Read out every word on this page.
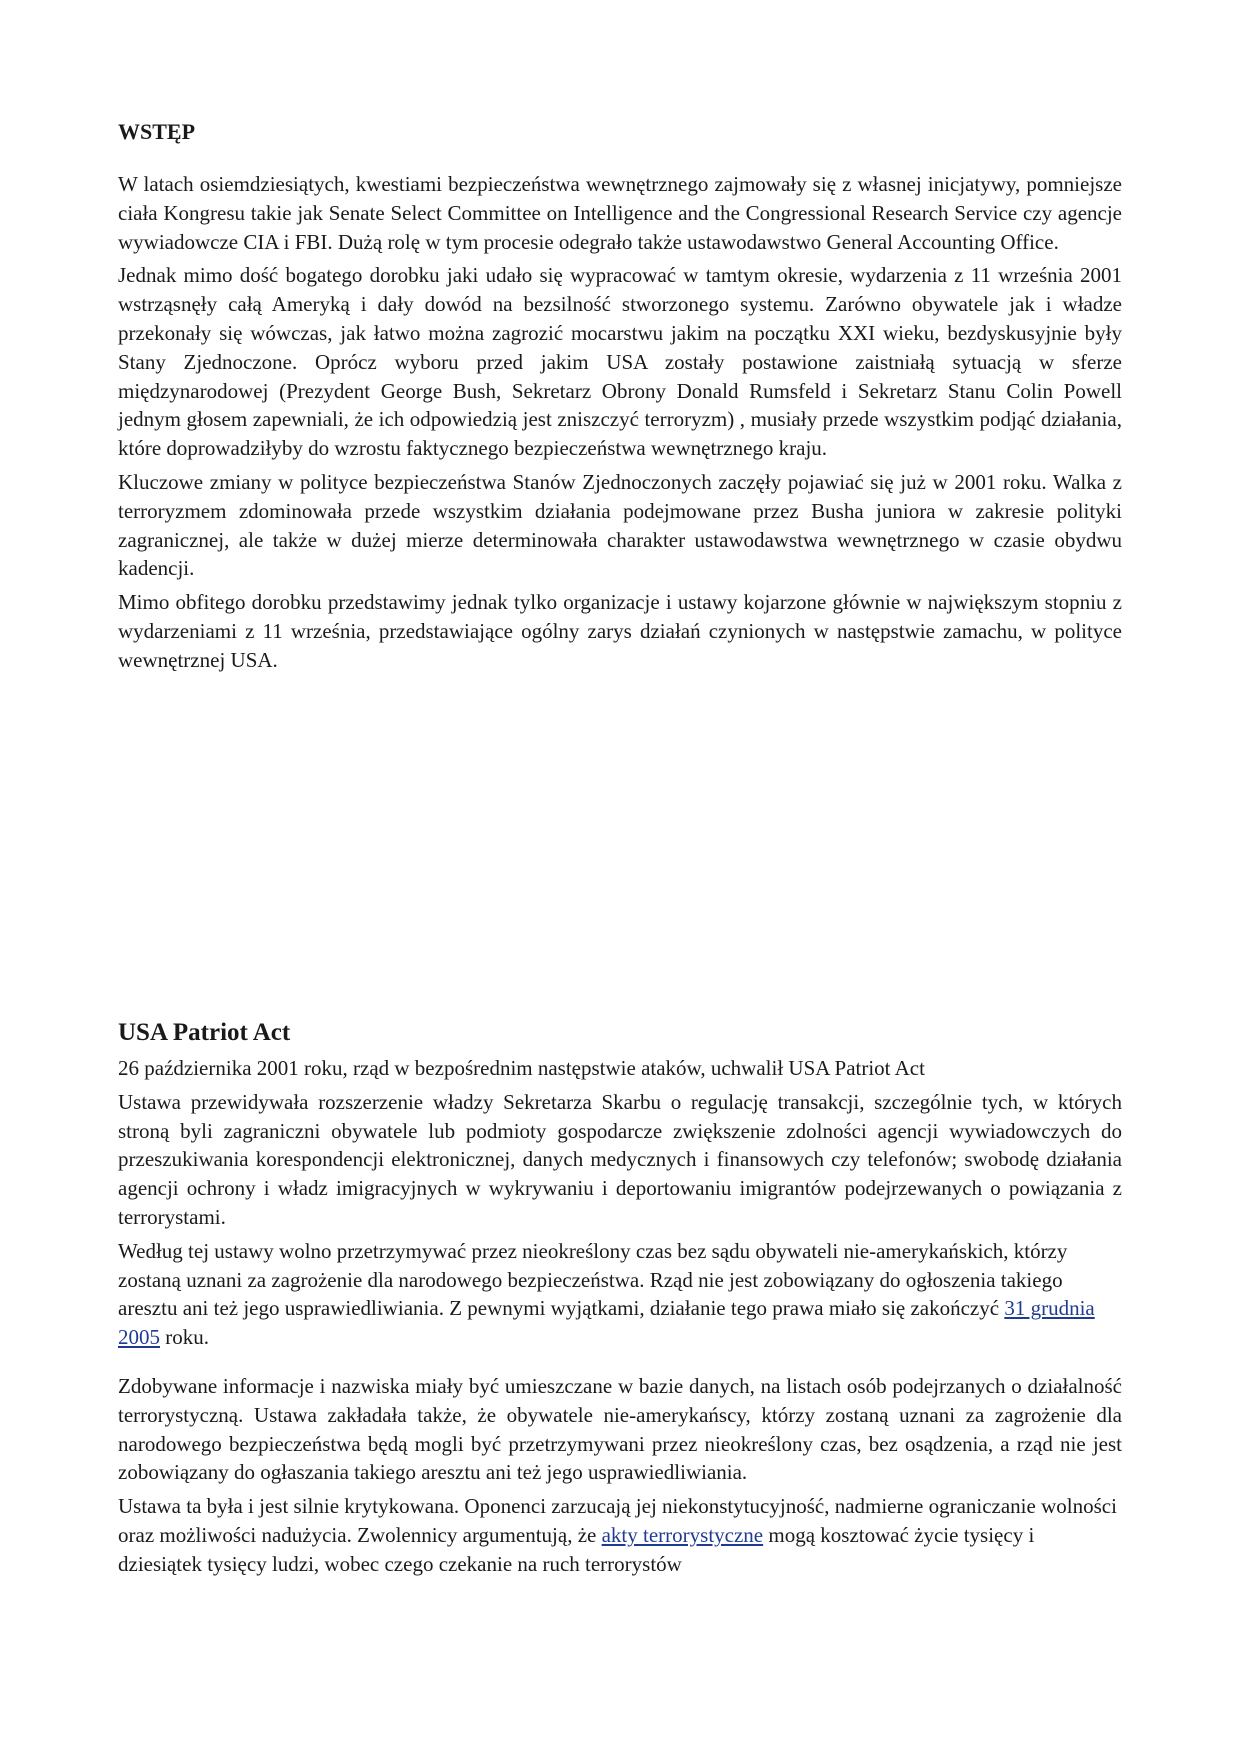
WSTĘP

W latach osiemdziesiątych, kwestiami bezpieczeństwa wewnętrznego zajmowały się z własnej inicjatywy, pomniejsze ciała Kongresu takie jak Senate Select Committee on Intelligence and the Congressional Research Service czy agencje wywiadowcze CIA i FBI. Dużą rolę w tym procesie odegrało także ustawodawstwo General Accounting Office.

Jednak mimo dość bogatego dorobku jaki udało się wypracować w tamtym okresie, wydarzenia z 11 września 2001 wstrząsnęły całą Ameryką i dały dowód na bezsilność stworzonego systemu. Zarówno obywatele jak i władze przekonały się wówczas, jak łatwo można zagrozić mocarstwu jakim na początku XXI wieku, bezdyskusyjnie były Stany Zjednoczone. Oprócz wyboru przed jakim USA zostały postawione zaistniałą sytuacją w sferze międzynarodowej (Prezydent George Bush, Sekretarz Obrony Donald Rumsfeld i Sekretarz Stanu Colin Powell jednym głosem zapewniali, że ich odpowiedzią jest zniszczyć terroryzm) , musiały przede wszystkim podjąć działania, które doprowadziłyby do wzrostu faktycznego bezpieczeństwa wewnętrznego kraju.

Kluczowe zmiany w polityce bezpieczeństwa Stanów Zjednoczonych zaczęły pojawiać się już w 2001 roku. Walka z terroryzmem zdominowała przede wszystkim działania podejmowane przez Busha juniora w zakresie polityki zagranicznej, ale także w dużej mierze determinowała charakter ustawodawstwa wewnętrznego w czasie obydwu kadencji.

Mimo obfitego dorobku przedstawimy jednak tylko organizacje i ustawy kojarzone głównie w największym stopniu z wydarzeniami z 11 września, przedstawiające ogólny zarys działań czynionych w następstwie zamachu, w polityce wewnętrznej USA.

USA Patriot Act

26 października 2001 roku, rząd w bezpośrednim następstwie ataków, uchwalił USA Patriot Act

Ustawa przewidywała rozszerzenie władzy Sekretarza Skarbu o regulację transakcji, szczególnie tych, w których stroną byli zagraniczni obywatele lub podmioty gospodarcze zwiększenie zdolności agencji wywiadowczych do przeszukiwania korespondencji elektronicznej, danych medycznych i finansowych czy telefonów; swobodę działania agencji ochrony i władz imigracyjnych w wykrywaniu i deportowaniu imigrantów podejrzewanych o powiązania z terrorystami.

Według tej ustawy wolno przetrzymywać przez nieokreślony czas bez sądu obywateli nie-amerykańskich, którzy zostaną uznani za zagrożenie dla narodowego bezpieczeństwa. Rząd nie jest zobowiązany do ogłoszenia takiego aresztu ani też jego usprawiedliwiania. Z pewnymi wyjątkami, działanie tego prawa miało się zakończyć 31 grudnia 2005 roku.

Zdobywane informacje i nazwiska miały być umieszczane w bazie danych, na listach osób podejrzanych o działalność terrorystyczną. Ustawa zakładała także, że obywatele nie-amerykańscy, którzy zostaną uznani za zagrożenie dla narodowego bezpieczeństwa będą mogli być przetrzymywani przez nieokreślony czas, bez osądzenia, a rząd nie jest zobowiązany do ogłaszania takiego aresztu ani też jego usprawiedliwiania.

Ustawa ta była i jest silnie krytykowana. Oponenci zarzucają jej niekonstytucyjność, nadmierne ograniczanie wolności oraz możliwości nadużycia. Zwolennicy argumentują, że akty terrorystyczne mogą kosztować życie tysięcy i dziesiątek tysięcy ludzi, wobec czego czekanie na ruch terrorystów
